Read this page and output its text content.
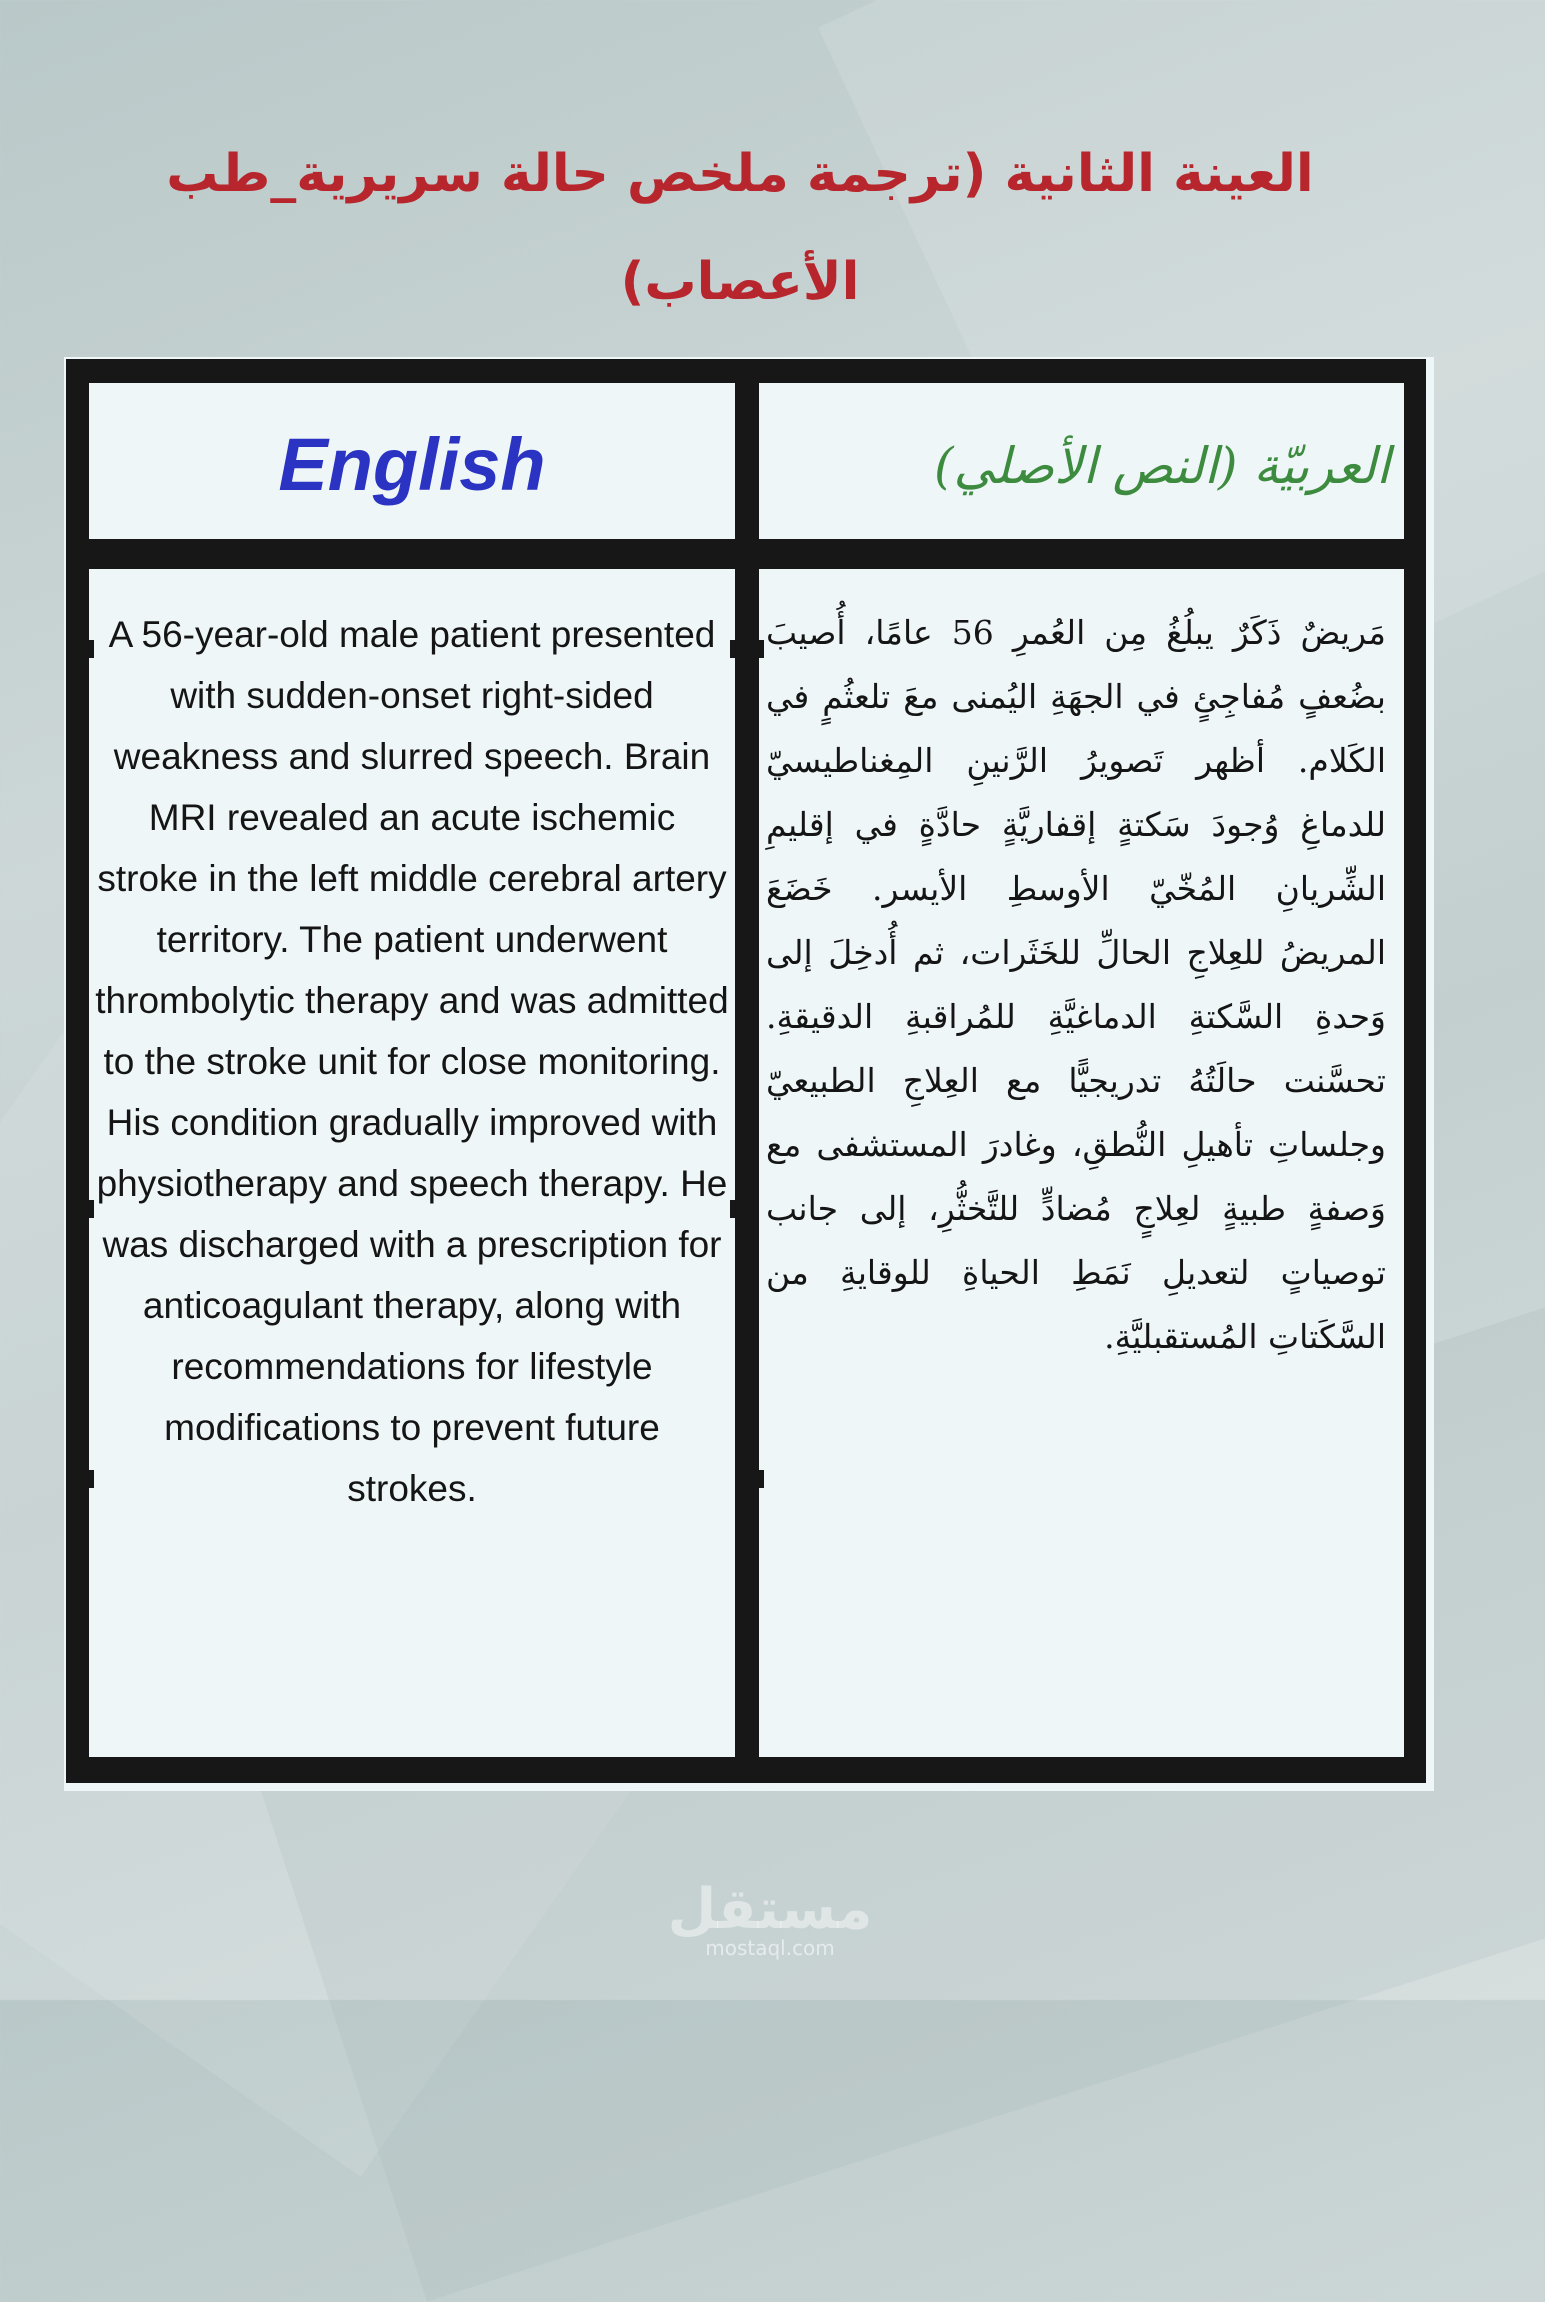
العينة الثانية (ترجمة ملخص حالة سريرية_طب الأعصاب)
English	العربيّة (النص الأصلي)
A 56-year-old male patient presented with sudden-onset right-sided weakness and slurred speech. Brain MRI revealed an acute ischemic stroke in the left middle cerebral artery territory. The patient underwent thrombolytic therapy and was admitted to the stroke unit for close monitoring. His condition gradually improved with physiotherapy and speech therapy. He was discharged with a prescription for anticoagulant therapy, along with recommendations for lifestyle modifications to prevent future strokes.
مَريضٌ ذَكَرٌ يبلُغُ مِن العُمرِ 56 عامًا، أُصيبَ بضُعفٍ مُفاجِئٍ في الجهَةِ اليُمنى معَ تلعثُمٍ في الكَلام. أظهر تَصويرُ الرَّنينِ المِغناطيسيّ للدماغِ وُجودَ سَكتةٍ إقفاريَّةٍ حادَّةٍ في إقليمِ الشِّريانِ المُخّيّ الأوسطِ الأيسر. خَضَعَ المريضُ للعِلاجِ الحالِّ للخَثَرات، ثم أُدخِلَ إلى وَحدةِ السَّكتةِ الدماغيَّةِ للمُراقبةِ الدقيقةِ. تحسَّنت حالَتُهُ تدريجيًّا مع العِلاجِ الطبيعيّ وجلساتِ تأهيلِ النُّطقِ، وغادرَ المستشفى مع وَصفةٍ طبيةٍ لعِلاجٍ مُضادٍّ للتَّخثُّرِ، إلى جانب توصياتٍ لتعديلِ نَمَطِ الحياةِ للوقايةِ من السَّكَتاتِ المُستقبليَّةِ.
مستقل
mostaql.com
